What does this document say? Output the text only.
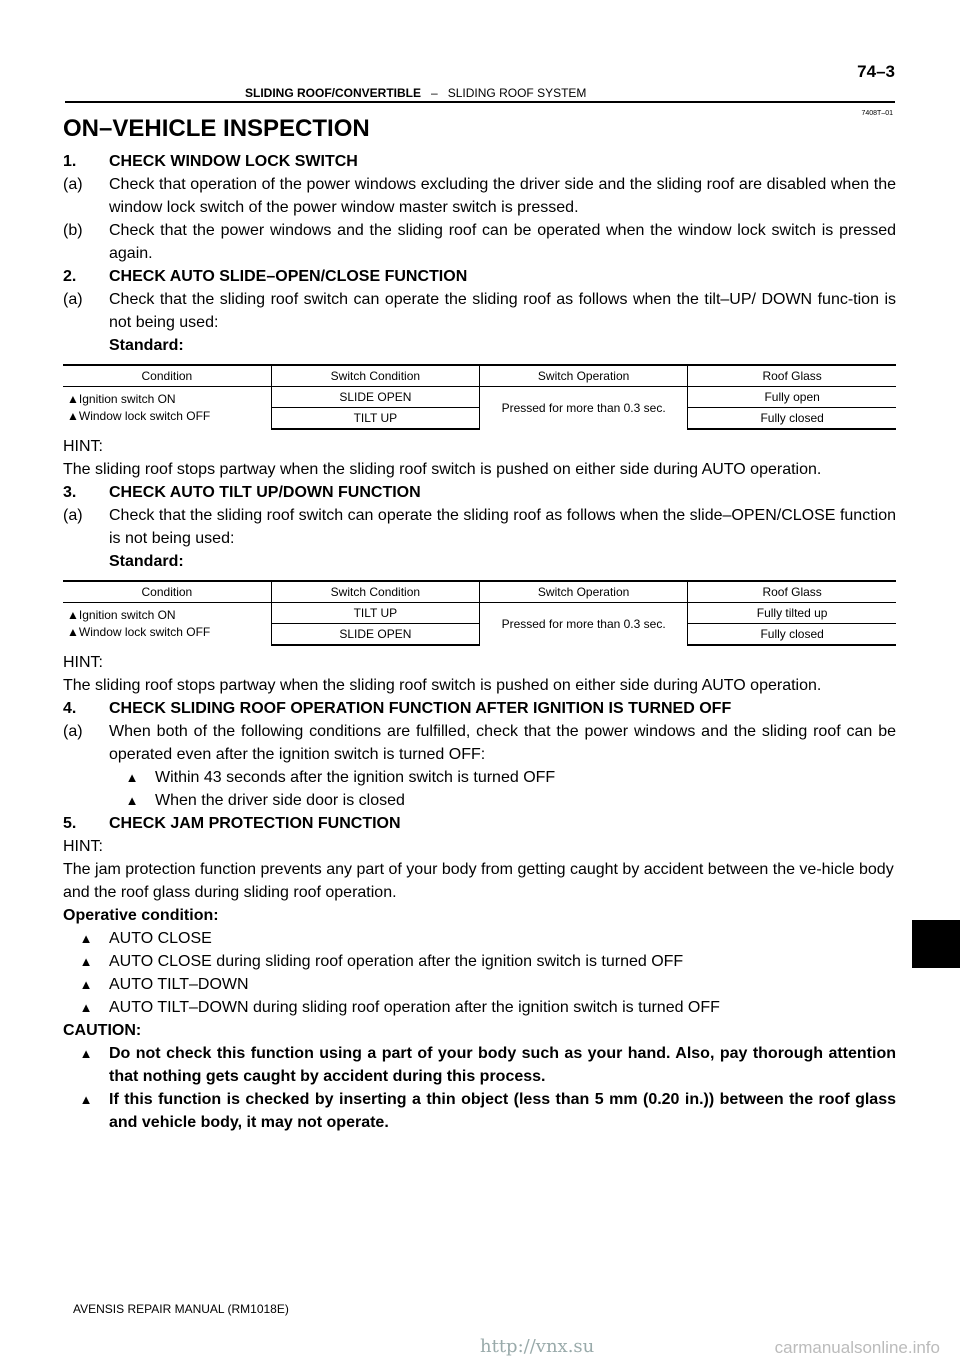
SLIDING ROOF/CONVERTIBLE – SLIDING ROOF SYSTEM
74–3
7408T–01
ON–VEHICLE INSPECTION
1.	CHECK WINDOW LOCK SWITCH
(a)	Check that operation of the power windows excluding the driver side and the sliding roof are disabled when the window lock switch of the power window master switch is pressed.
(b)	Check that the power windows and the sliding roof can be operated when the window lock switch is pressed again.
2.	CHECK AUTO SLIDE–OPEN/CLOSE FUNCTION
(a)	Check that the sliding roof switch can operate the sliding roof as follows when the tilt–UP/ DOWN func-tion is not being used:
Standard:
Condition	Switch Condition	Switch Operation	Roof Glass

▲Ignition switch ON
▲Window lock switch OFF	SLIDE OPEN	Pressed for more than 0.3 sec.	Fully open
	TILT UP		Fully closed
HINT:
The sliding roof stops partway when the sliding roof switch is pushed on either side during AUTO operation.
3.	CHECK AUTO TILT UP/DOWN FUNCTION
(a)	Check that the sliding roof switch can operate the sliding roof as follows when the slide–OPEN/CLOSE function is not being used:
Standard:
Condition	Switch Condition	Switch Operation	Roof Glass

▲Ignition switch ON
▲Window lock switch OFF	TILT UP	Pressed for more than 0.3 sec.	Fully tilted up
	SLIDE OPEN		Fully closed
HINT:
The sliding roof stops partway when the sliding roof switch is pushed on either side during AUTO operation.
4.	CHECK SLIDING ROOF OPERATION FUNCTION AFTER IGNITION IS TURNED OFF
(a)	When both of the following conditions are fulfilled, check that the power windows and the sliding roof can be operated even after the ignition switch is turned OFF:
▲	Within 43 seconds after the ignition switch is turned OFF
▲	When the driver side door is closed
5.	CHECK JAM PROTECTION FUNCTION
HINT:
The jam protection function prevents any part of your body from getting caught by accident between the ve-hicle body and the roof glass during sliding roof operation.
Operative condition:
▲	AUTO CLOSE
▲	AUTO CLOSE during sliding roof operation after the ignition switch is turned OFF
▲	AUTO TILT–DOWN
▲	AUTO TILT–DOWN during sliding roof operation after the ignition switch is turned OFF
CAUTION:
▲	Do not check this function using a part of your body such as your hand. Also, pay thorough attention that nothing gets caught by accident during this process.
▲	If this function is checked by inserting a thin object (less than 5 mm (0.20 in.)) between the roof glass and vehicle body, it may not operate.
AVENSIS REPAIR MANUAL (RM1018E)
http://vnx.su	carmanualsonline.info
